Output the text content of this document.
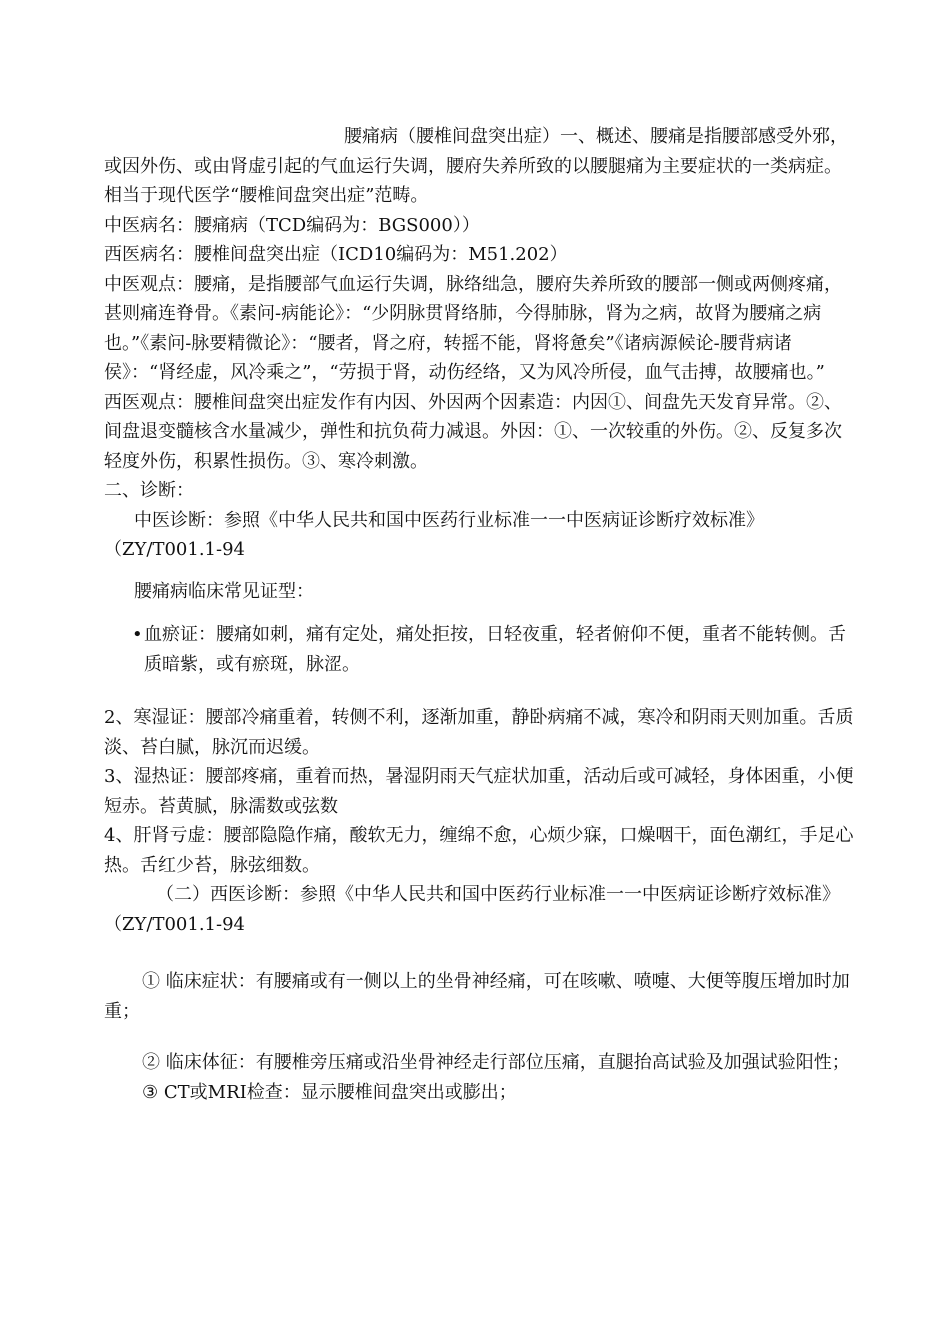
腰痛病（腰椎间盘突出症）一、概述、腰痛是指腰部感受外邪，或因外伤、或由肾虚引起的气血运行失调，腰府失养所致的以腰腿痛为主要症状的一类病症。相当于现代医学“腰椎间盘突出症”范畴。

中医病名：腰痛病（TCD编码为：BGS000））

西医病名：腰椎间盘突出症（ICD10编码为：M51.202）

中医观点：腰痛，是指腰部气血运行失调，脉络绌急，腰府失养所致的腰部一侧或两侧疼痛，甚则痛连脊骨。《素问-病能论》：“少阴脉贯肾络肺，今得肺脉，肾为之病，故肾为腰痛之病也。”《素问-脉要精微论》：“腰者，肾之府，转摇不能，肾将惫矣”《诸病源候论-腰背病诸侯》：“肾经虚，风冷乘之”，“劳损于肾，动伤经络，又为风冷所侵，血气击搏，故腰痛也。”

西医观点：腰椎间盘突出症发作有内因、外因两个因素造：内因①、间盘先天发育异常。②、间盘退变髓核含水量减少，弹性和抗负荷力减退。外因：①、一次较重的外伤。②、反复多次轻度外伤，积累性损伤。③、寒冷刺激。

二、诊断：

中医诊断：参照《中华人民共和国中医药行业标准一一中医病证诊断疗效标准》（ZY/T001.1-94

腰痛病临床常见证型：

• 血瘀证：腰痛如刺，痛有定处，痛处拒按，日轻夜重，轻者俯仰不便，重者不能转侧。舌质暗紫，或有瘀斑，脉涩。

2、寒湿证：腰部冷痛重着，转侧不利，逐渐加重，静卧病痛不减，寒冷和阴雨天则加重。舌质淡、苔白腻，脉沉而迟缓。

3、湿热证：腰部疼痛，重着而热，暑湿阴雨天气症状加重，活动后或可减轻，身体困重，小便短赤。苔黄腻，脉濡数或弦数

4、肝肾亏虚：腰部隐隐作痛，酸软无力，缠绵不愈，心烦少寐，口燥咽干，面色潮红，手足心热。舌红少苔，脉弦细数。

（二）西医诊断：参照《中华人民共和国中医药行业标准一一中医病证诊断疗效标准》（ZY/T001.1-94

① 临床症状：有腰痛或有一侧以上的坐骨神经痛，可在咳嗽、喷嚏、大便等腹压增加时加重；

② 临床体征：有腰椎旁压痛或沿坐骨神经走行部位压痛，直腿抬高试验及加强试验阳性；

③ CT或MRI检查：显示腰椎间盘突出或膨出；
